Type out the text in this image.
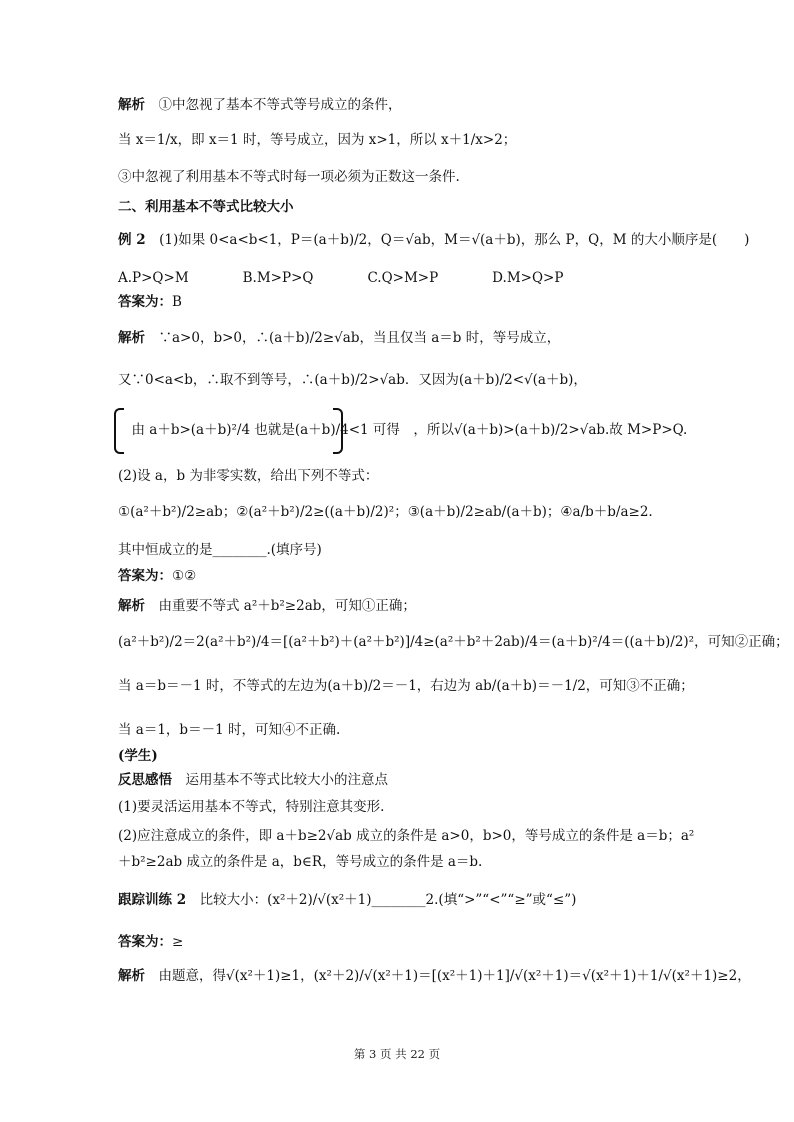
第 3 页 共 22 页
解析　①中忽视了基本不等式等号成立的条件，
当 x＝1/x，即 x＝1 时，等号成立，因为 x>1，所以 x＋1/x>2；
③中忽视了利用基本不等式时每一项必须为正数这一条件.
二、利用基本不等式比较大小
例 2　(1)如果 0<a<b<1，P＝(a＋b)/2，Q＝√ab，M＝√(a＋b)，那么 P，Q，M 的大小顺序是(　　)
A.P>Q>M　　　　B.M>P>Q　　　　C.Q>M>P　　　　D.M>Q>P
答案为：B
解析　∵a>0，b>0，∴(a＋b)/2≥√ab，当且仅当 a＝b 时，等号成立，
又∵0<a<b，∴取不到等号，∴(a＋b)/2>√ab．又因为(a＋b)/2<√(a＋b)，
　由 a＋b>(a＋b)²/4 也就是(a＋b)/4<1 可得　，所以√(a＋b)>(a＋b)/2>√ab.故 M>P>Q.
(2)设 a，b 为非零实数，给出下列不等式：
①(a²＋b²)/2≥ab；②(a²＋b²)/2≥((a＋b)/2)²；③(a＋b)/2≥ab/(a＋b)；④a/b＋b/a≥2.
其中恒成立的是________.(填序号)
答案为：①②
解析　由重要不等式 a²＋b²≥2ab，可知①正确；
(a²＋b²)/2＝2(a²＋b²)/4＝[(a²＋b²)＋(a²＋b²)]/4≥(a²＋b²＋2ab)/4＝(a＋b)²/4＝((a＋b)/2)²，可知②正确；
当 a＝b＝－1 时，不等式的左边为(a＋b)/2＝－1，右边为 ab/(a＋b)＝－1/2，可知③不正确；
当 a＝1，b＝－1 时，可知④不正确.
(学生)
反思感悟　运用基本不等式比较大小的注意点
(1)要灵活运用基本不等式，特别注意其变形.
(2)应注意成立的条件，即 a＋b≥2√ab 成立的条件是 a>0，b>0，等号成立的条件是 a＝b；a²
＋b²≥2ab 成立的条件是 a，b∈R，等号成立的条件是 a＝b.
跟踪训练 2　比较大小：(x²＋2)/√(x²＋1)________2.(填“>”“<”“≥”或“≤”)
答案为：≥
解析　由题意，得√(x²＋1)≥1，(x²＋2)/√(x²＋1)＝[(x²＋1)＋1]/√(x²＋1)＝√(x²＋1)＋1/√(x²＋1)≥2，
